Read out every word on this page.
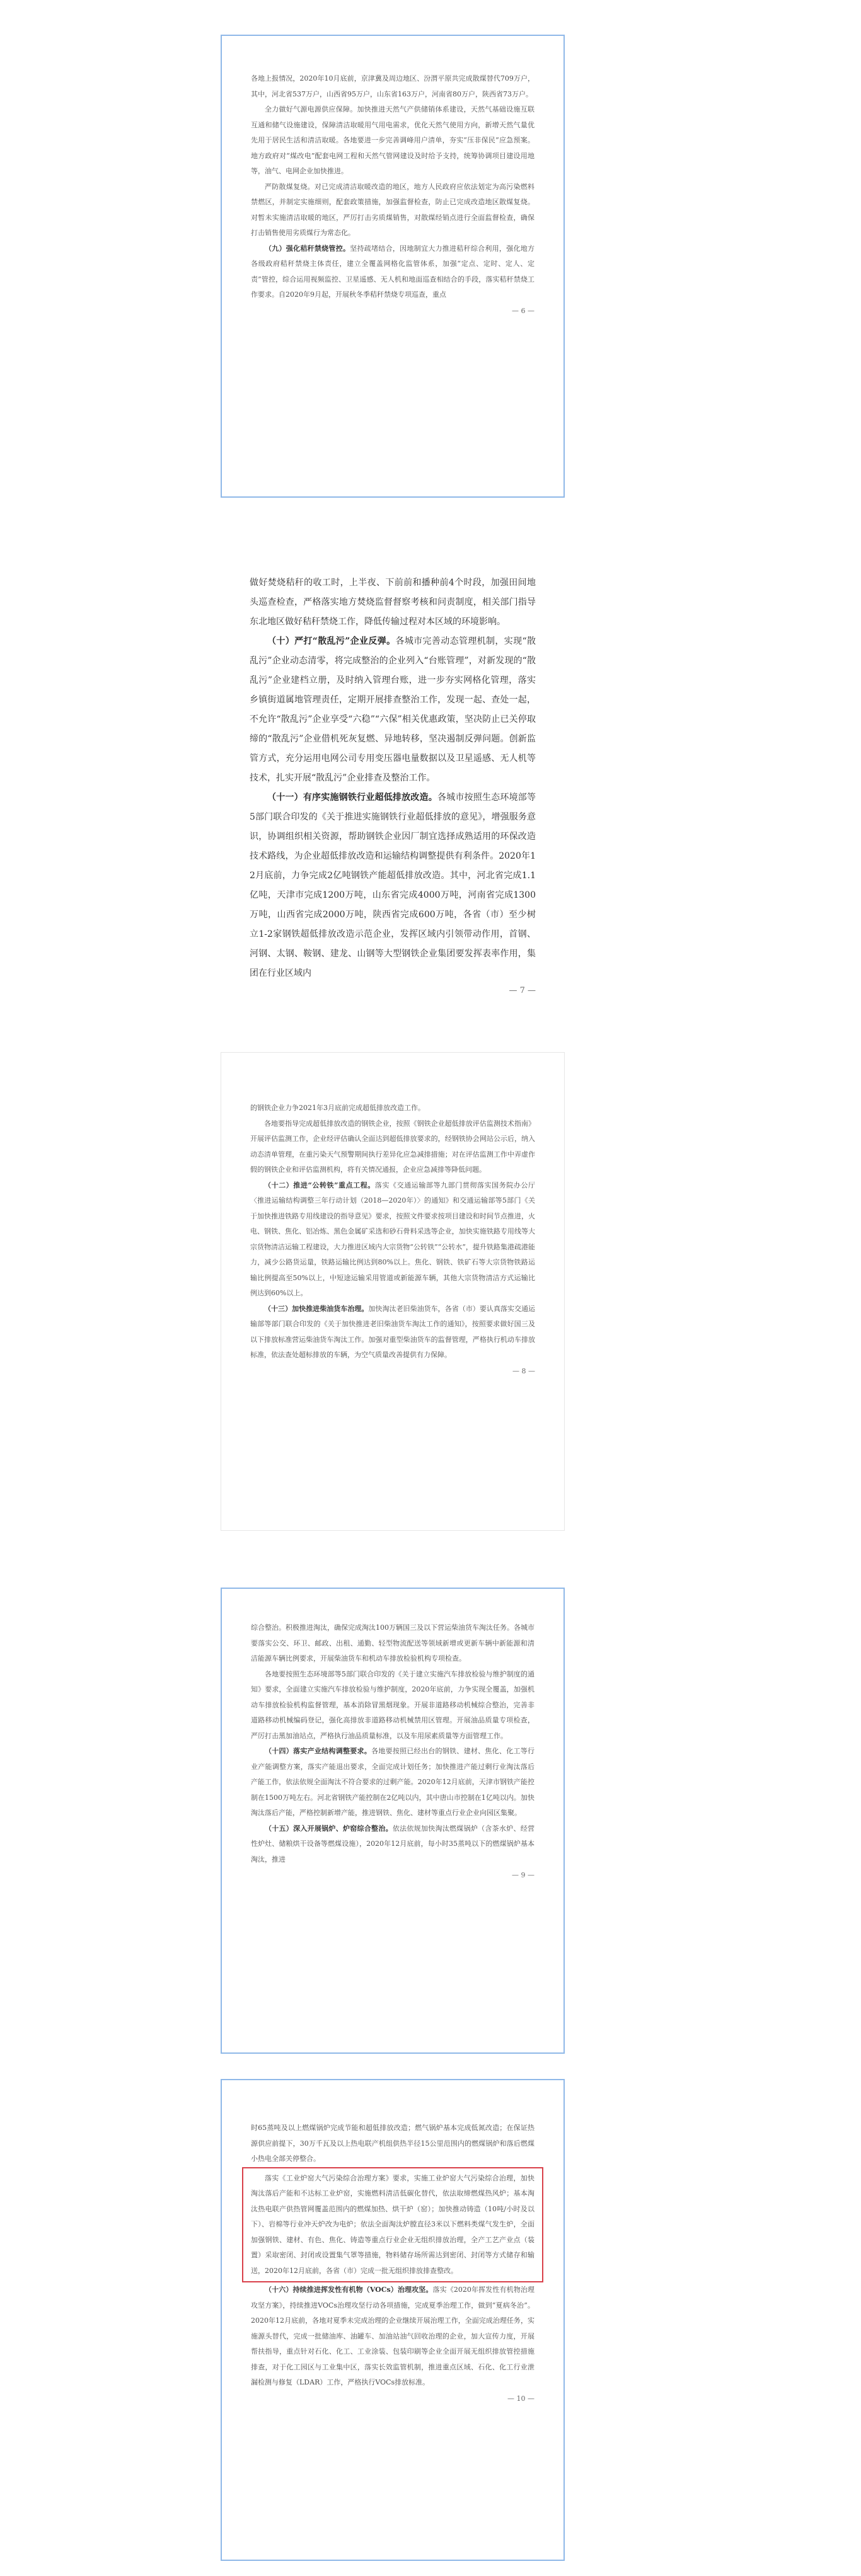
各地上报情况，2020年10月底前，京津冀及周边地区、汾渭平原共完成散煤替代709万户，其中，河北省537万户，山西省95万户，山东省163万户，河南省80万户，陕西省73万户。

全力做好气源电源供应保障。加快推进天然气产供储销体系建设，天然气基础设施互联互通和储气设施建设，保障清洁取暖用气用电需求，优化天然气使用方向，新增天然气量优先用于居民生活和清洁取暖。各地要进一步完善调峰用户清单，夯实“压非保民”应急预案。地方政府对“煤改电”配套电网工程和天然气管网建设及时给予支持，统筹协调项目建设用地等，油气、电网企业加快推进。

严防散煤复烧。对已完成清洁取暖改造的地区，地方人民政府应依法划定为高污染燃料禁燃区，并制定实施细则，配套政策措施，加强监督检查，防止已完成改造地区散煤复烧。对暂未实施清洁取暖的地区，严厉打击劣质煤销售，对散煤经销点进行全面监督检查，确保打击销售使用劣质煤行为常态化。

（九）强化秸秆禁烧管控。坚持疏堵结合，因地制宜大力推进秸秆综合利用，强化地方各级政府秸秆禁烧主体责任，建立全覆盖网格化监管体系，加强“定点、定时、定人、定责”管控，综合运用视频监控、卫星遥感、无人机和地面巡查相结合的手段，落实秸秆禁烧工作要求。自2020年9月起，开展秋冬季秸秆禁烧专项巡查，重点

— 6 —

做好焚烧秸秆的收工时，上半夜、下前前和播种前4个时段，加强田间地头巡查检查，严格落实地方焚烧监督督察考核和问责制度，相关部门指导东北地区做好秸秆禁烧工作，降低传输过程对本区域的环境影响。

（十）严打“散乱污”企业反弹。各城市完善动态管理机制，实现“散乱污”企业动态清零，将完成整治的企业列入“台账管理”，对新发现的“散乱污”企业建档立册，及时纳入管理台账，进一步夯实网格化管理，落实乡镇街道属地管理责任，定期开展排查整治工作，发现一起、查处一起，不允许“散乱污”企业享受“六稳”“六保”相关优惠政策，坚决防止已关停取缔的“散乱污”企业借机死灰复燃、异地转移，坚决遏制反弹问题。创新监管方式，充分运用电网公司专用变压器电量数据以及卫星遥感、无人机等技术，扎实开展“散乱污”企业排查及整治工作。

（十一）有序实施钢铁行业超低排放改造。各城市按照生态环境部等5部门联合印发的《关于推进实施钢铁行业超低排放的意见》，增强服务意识，协调组织相关资源，帮助钢铁企业因厂制宜选择成熟适用的环保改造技术路线，为企业超低排放改造和运输结构调整提供有利条件。2020年12月底前，力争完成2亿吨钢铁产能超低排放改造。其中，河北省完成1.1亿吨，天津市完成1200万吨，山东省完成4000万吨，河南省完成1300万吨，山西省完成2000万吨，陕西省完成600万吨，各省（市）至少树立1-2家钢铁超低排放改造示范企业，发挥区域内引领带动作用，首钢、河钢、太钢、鞍钢、建龙、山钢等大型钢铁企业集团要发挥表率作用，集团在行业区域内

— 7 —

的钢铁企业力争2021年3月底前完成超低排放改造工作。

各地要指导完成超低排放改造的钢铁企业，按照《钢铁企业超低排放评估监测技术指南》开展评估监测工作，企业经评估确认全面达到超低排放要求的，经钢铁协会网站公示后，纳入动态清单管理，在重污染天气预警期间执行差异化应急减排措施；对在评估监测工作中弄虚作假的钢铁企业和评估监测机构，将有关情况通报，企业应急减排等降低问题。

（十二）推进“公转铁”重点工程。落实《交通运输部等九部门贯彻落实国务院办公厅〈推进运输结构调整三年行动计划（2018—2020年）〉的通知》和交通运输部等5部门《关于加快推进铁路专用线建设的指导意见》要求，按照文件要求按项目建设和时间节点推进，火电、钢铁、焦化、铝冶炼、黑色金属矿采选和砂石骨料采选等企业，加快实施铁路专用线等大宗货物清洁运输工程建设，大力推进区域内大宗货物“公转铁”“公转水”，提升铁路集港疏港能力，减少公路货运量，铁路运输比例达到80%以上。焦化、钢铁、铁矿石等大宗货物铁路运输比例提高至50%以上，中短途运输采用管道或新能源车辆，其他大宗货物清洁方式运输比例达到60%以上。

（十三）加快推进柴油货车治理。加快淘汰老旧柴油货车，各省（市）要认真落实交通运输部等部门联合印发的《关于加快推进老旧柴油货车淘汰工作的通知》，按照要求做好国三及以下排放标准营运柴油货车淘汰工作。加强对重型柴油货车的监督管理，严格执行机动车排放标准，依法查处超标排放的车辆，为空气质量改善提供有力保障。

— 8 —

综合整治。积极推进淘汰，确保完成淘汰100万辆国三及以下营运柴油货车淘汰任务。各城市要落实公交、环卫、邮政、出租、通勤、轻型物流配送等领域新增或更新车辆中新能源和清洁能源车辆比例要求，开展柴油货车和机动车排放检验机构专项检查。

各地要按照生态环境部等5部门联合印发的《关于建立实施汽车排放检验与维护制度的通知》要求，全面建立实施汽车排放检验与维护制度，2020年底前，力争实现全覆盖，加强机动车排放检验机构监督管理，基本消除冒黑烟现象。开展非道路移动机械综合整治，完善非道路移动机械编码登记，强化高排放非道路移动机械禁用区管理。开展油品质量专项检查，严厉打击黑加油站点，严格执行油品质量标准，以及车用尿素质量等方面管理工作。

（十四）落实产业结构调整要求。各地要按照已经出台的钢铁、建材、焦化、化工等行业产能调整方案，落实产能退出要求，全面完成计划任务；加快推进产能过剩行业淘汰落后产能工作，依法依规全面淘汰不符合要求的过剩产能。2020年12月底前，天津市钢铁产能控制在1500万吨左右。河北省钢铁产能控制在2亿吨以内，其中唐山市控制在1亿吨以内。加快淘汰落后产能，严格控制新增产能，推进钢铁、焦化、建材等重点行业企业向园区集聚。

（十五）深入开展锅炉、炉窑综合整治。依法依规加快淘汰燃煤锅炉（含茶水炉、经营性炉灶、储粮烘干设备等燃煤设施），2020年12月底前，每小时35蒸吨以下的燃煤锅炉基本淘汰，推进

— 9 —

时65蒸吨及以上燃煤锅炉完成节能和超低排放改造；燃气锅炉基本完成低氮改造；在保证热源供应前提下，30万千瓦及以上热电联产机组供热半径15公里范围内的燃煤锅炉和落后燃煤小热电全部关停整合。

落实《工业炉窑大气污染综合治理方案》要求，实施工业炉窑大气污染综合治理，加快淘汰落后产能和不达标工业炉窑，实施燃料清洁低碳化替代，依法取缔燃煤热风炉；基本淘汰热电联产供热管网覆盖范围内的燃煤加热、烘干炉（窑）；加快推动铸造（10吨/小时及以下）、岩棉等行业冲天炉改为电炉；依法全面淘汰炉膛直径3米以下燃料类煤气发生炉，全面加强钢铁、建材、有色、焦化、铸造等重点行业企业无组织排放治理，全产工艺产业点（装置）采取密闭、封闭或设置集气罩等措施，物料储存场所需达到密闭、封闭等方式储存和输送，2020年12月底前，各省（市）完成一批无组织排放排查整改。

（十六）持续推进挥发性有机物（VOCs）治理攻坚。落实《2020年挥发性有机物治理攻坚方案》，持续推进VOCs治理攻坚行动各项措施，完成夏季治理工作，做到“夏病冬治”。2020年12月底前，各地对夏季未完成治理的企业继续开展治理工作，全面完成治理任务，实施源头替代，完成一批储油库、油罐车、加油站油气回收治理的企业，加大宣传力度，开展帮扶指导，重点针对石化、化工、工业涂装、包装印刷等企业全面开展无组织排放管控措施排查，对于化工园区与工业集中区，落实长效监管机制，推进重点区域、石化、化工行业泄漏检测与修复（LDAR）工作，严格执行VOCs排放标准。

— 10 —
